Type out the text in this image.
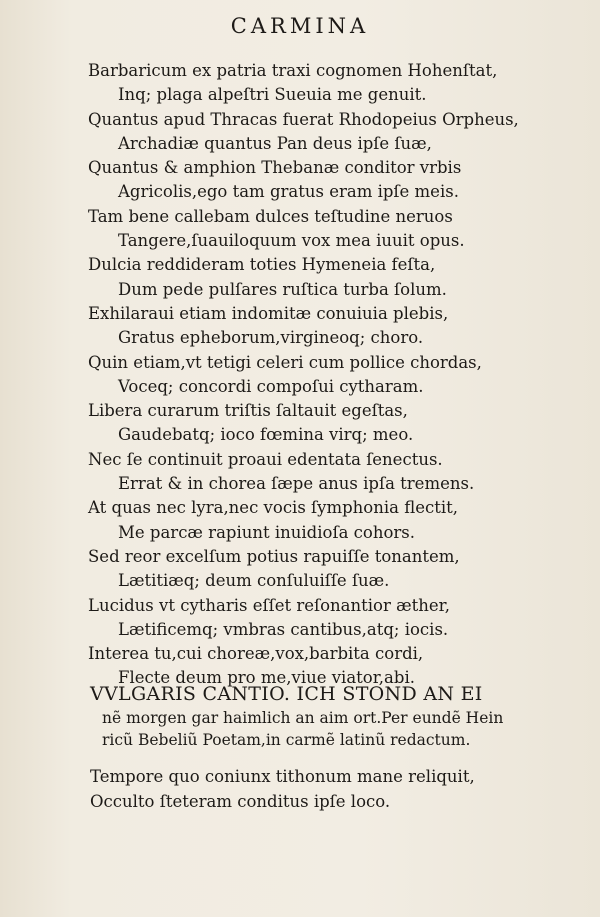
CARMINA
Barbaricum ex patria traxi cognomen Hohenſtat,
Inq; plaga alpeſtri Sueuia me genuit.
Quantus apud Thracas fuerat Rhodopeius Orpheus,
Archadiæ quantus Pan deus ipſe ſuæ,
Quantus & amphion Thebanæ conditor vrbis
Agricolis,ego tam gratus eram ipſe meis.
Tam bene callebam dulces teſtudine neruos
Tangere,ſuauiloquum vox mea iuuit opus.
Dulcia reddideram toties Hymeneia feſta,
Dum pede pulſares ruſtica turba ſolum.
Exhilaraui etiam indomitæ conuiuia plebis,
Gratus epheborum,virgineoq; choro.
Quin etiam,vt tetigi celeri cum pollice chordas,
Voceq; concordi compoſui cytharam.
Libera curarum triſtis ſaltauit egeſtas,
Gaudebatq; ioco fœmina virq; meo.
Nec ſe continuit proaui edentata ſenectus.
Errat & in chorea ſæpe anus ipſa tremens.
At quas nec lyra,nec vocis ſymphonia flectit,
Me parcæ rapiunt inuidioſa cohors.
Sed reor excelſum potius rapuiſſe tonantem,
Lætitiæq; deum conſuluiſſe ſuæ.
Lucidus vt cytharis eſſet reſonantior æther,
Lætificemq; vmbras cantibus,atq; iocis.
Interea tu,cui choreæ,vox,barbita cordi,
Flecte deum pro me,viue viator,abi.
VVLGARIS CANTIO. ICH STOND AN EI
nẽ morgen gar haimlich an aim ort.Per eundẽ Hein
ricũ Bebeliũ Poetam,in carmẽ latinũ redactum.
Tempore quo coniunx tithonum mane reliquit,
Occulto ſteteram conditus ipſe loco.
